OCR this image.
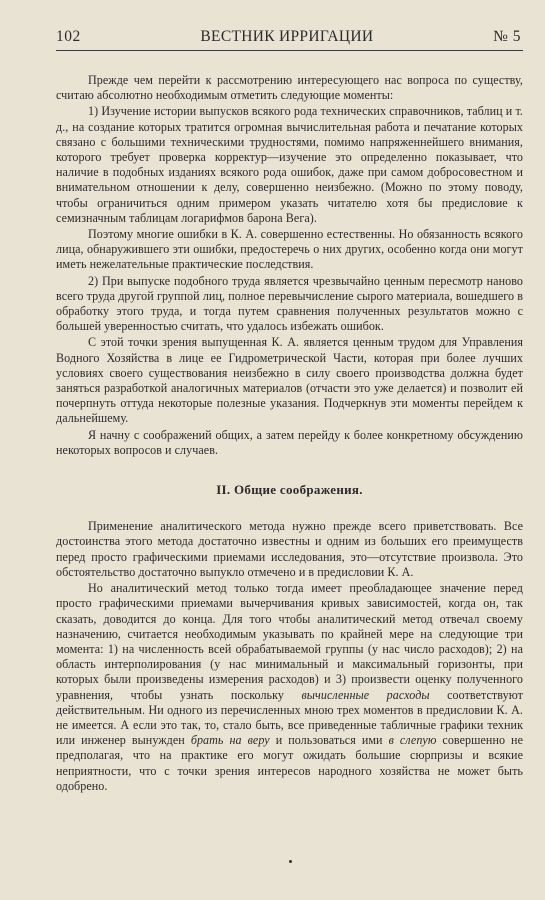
102	ВЕСТНИК ИРРИГАЦИИ	№ 5

Прежде чем перейти к рассмотрению интересующего нас вопроса по существу, считаю абсолютно необходимым отметить следующие моменты:

1) Изучение истории выпусков всякого рода технических справочников, таблиц и т. д., на создание которых тратится огромная вычислительная работа и печатание которых связано с большими техническими трудностями, помимо напряженнейшего внимания, которого требует проверка корректур—изучение это определенно показывает, что наличие в подобных изданиях всякого рода ошибок, даже при самом добросовестном и внимательном отношении к делу, совершенно неизбежно. (Можно по этому поводу, чтобы ограничиться одним примером указать читателю хотя бы предисловие к семизначным таблицам логарифмов барона Вега).

Поэтому многие ошибки в К. А. совершенно естественны. Но обязанность всякого лица, обнаружившего эти ошибки, предостеречь о них других, особенно когда они могут иметь нежелательные практические последствия.

2) При выпуске подобного труда является чрезвычайно ценным пересмотр наново всего труда другой группой лиц, полное перевычисление сырого материала, вошедшего в обработку этого труда, и тогда путем сравнения полученных результатов можно с большей уверенностью считать, что удалось избежать ошибок.

С этой точки зрения выпущенная К. А. является ценным трудом для Управления Водного Хозяйства в лице ее Гидрометрической Части, которая при более лучших условиях своего существования неизбежно в силу своего производства должна будет заняться разработкой аналогичных материалов (отчасти это уже делается) и позволит ей почерпнуть оттуда некоторые полезные указания. Подчеркнув эти моменты перейдем к дальнейшему.

Я начну с соображений общих, а затем перейду к более конкретному обсуждению некоторых вопросов и случаев.

II. Общие соображения.

Применение аналитического метода нужно прежде всего приветствовать. Все достоинства этого метода достаточно известны и одним из больших его преимуществ перед просто графическими приемами исследования, это—отсутствие произвола. Это обстоятельство достаточно выпукло отмечено и в предисловии К. А.

Но аналитический метод только тогда имеет преобладающее значение перед просто графическими приемами вычерчивания кривых зависимостей, когда он, так сказать, доводится до конца. Для того чтобы аналитический метод отвечал своему назначению, считается необходимым указывать по крайней мере на следующие три момента: 1) на численность всей обрабатываемой группы (у нас число расходов); 2) на область интерполирования (у нас минимальный и максимальный горизонты, при которых были произведены измерения расходов) и 3) произвести оценку полученного уравнения, чтобы узнать поскольку вычисленные расходы соответствуют действительным. Ни одного из перечисленных мною трех моментов в предисловии К. А. не имеется. А если это так, то, стало быть, все приведенные табличные графики техник или инженер вынужден брать на веру и пользоваться ими в слепую совершенно не предполагая, что на практике его могут ожидать большие сюрпризы и всякие неприятности, что с точки зрения интересов народного хозяйства не может быть одобрено.
